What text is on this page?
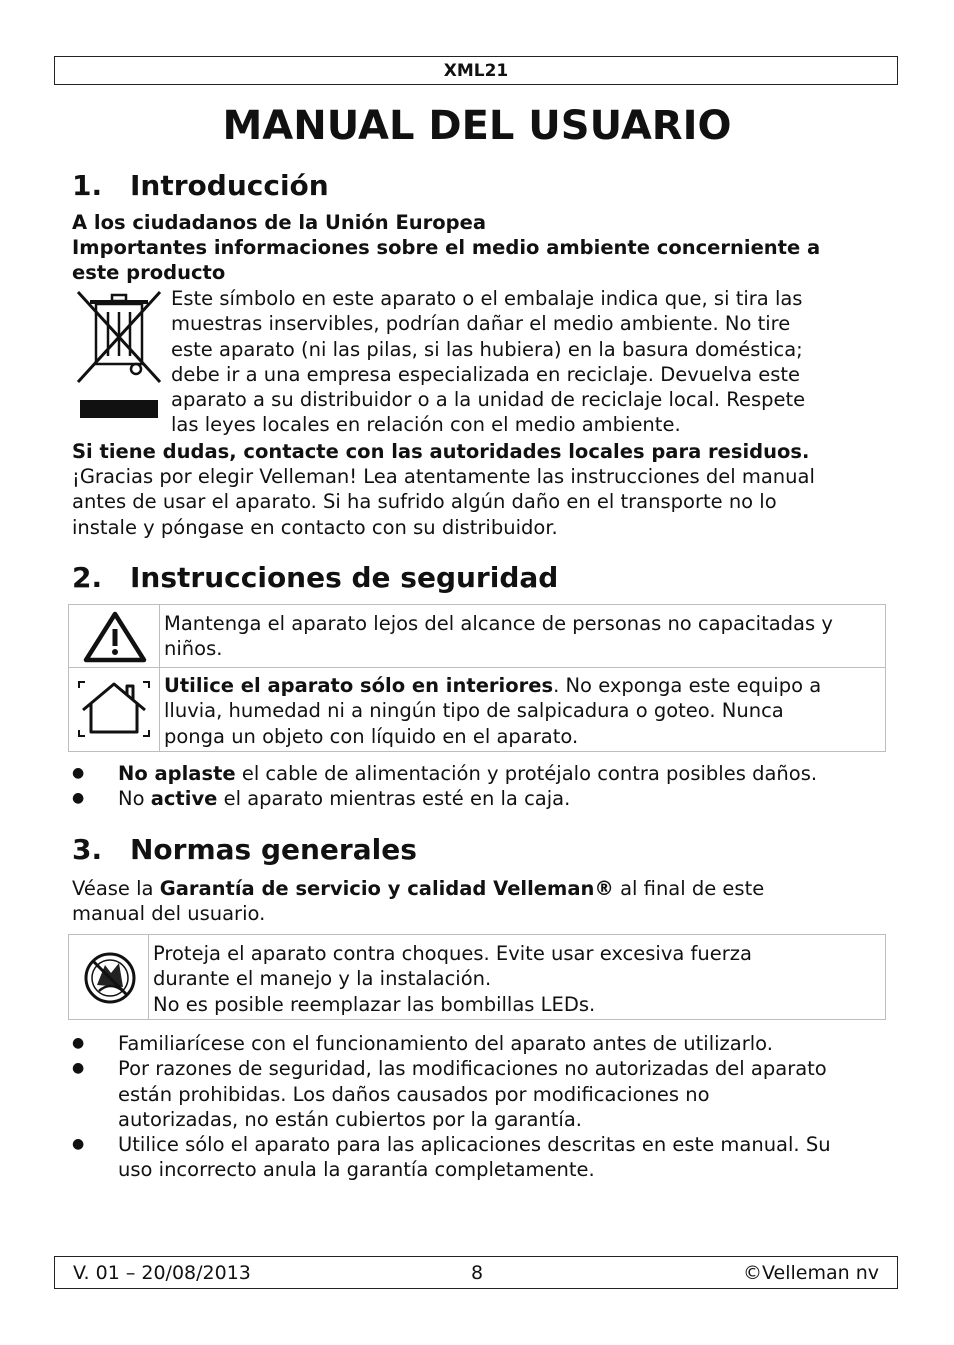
XML21
MANUAL DEL USUARIO
1. Introducción
A los ciudadanos de la Unión Europea
Importantes informaciones sobre el medio ambiente concerniente a
este producto
Este símbolo en este aparato o el embalaje indica que, si tira las
muestras inservibles, podrían dañar el medio ambiente. No tire
este aparato (ni las pilas, si las hubiera) en la basura doméstica;
debe ir a una empresa especializada en reciclaje. Devuelva este
aparato a su distribuidor o a la unidad de reciclaje local. Respete
las leyes locales en relación con el medio ambiente.
Si tiene dudas, contacte con las autoridades locales para residuos.
¡Gracias por elegir Velleman! Lea atentamente las instrucciones del manual
antes de usar el aparato. Si ha sufrido algún daño en el transporte no lo
instale y póngase en contacto con su distribuidor.
2. Instrucciones de seguridad
Mantenga el aparato lejos del alcance de personas no capacitadas y
niños.
Utilice el aparato sólo en interiores. No exponga este equipo a
lluvia, humedad ni a ningún tipo de salpicadura o goteo. Nunca
ponga un objeto con líquido en el aparato.
● No aplaste el cable de alimentación y protéjalo contra posibles daños.
● No active el aparato mientras esté en la caja.
3. Normas generales
Véase la Garantía de servicio y calidad Velleman® al final de este
manual del usuario.
Proteja el aparato contra choques. Evite usar excesiva fuerza
durante el manejo y la instalación.
No es posible reemplazar las bombillas LEDs.
● Familiarícese con el funcionamiento del aparato antes de utilizarlo.
● Por razones de seguridad, las modificaciones no autorizadas del aparato
están prohibidas. Los daños causados por modificaciones no
autorizadas, no están cubiertos por la garantía.
● Utilice sólo el aparato para las aplicaciones descritas en este manual. Su
uso incorrecto anula la garantía completamente.
V. 01 – 20/08/2013	8	©Velleman nv
